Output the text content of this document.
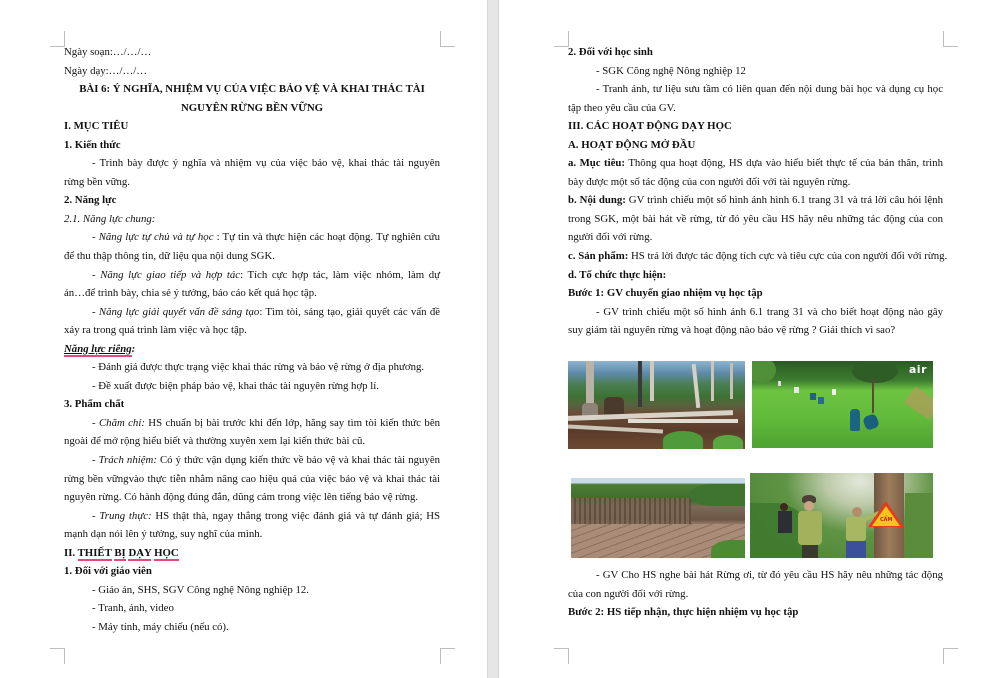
Ngày soạn:…/…/…
Ngày dạy:…/…/…
BÀI 6: Ý NGHĨA, NHIỆM VỤ CỦA VIỆC BẢO VỆ VÀ KHAI THÁC TÀI
NGUYÊN RỪNG BỀN VỮNG
I. MỤC TIÊU
1. Kiến thức
- Trình bày được ý nghĩa và nhiệm vụ của việc bảo vệ, khai thác tài nguyên
rừng bền vững.
2. Năng lực
2.1. Năng lực chung:
- Năng lực tự chủ và tự học : Tự tin và thực hiện các hoạt động. Tự nghiên cứu
để thu thập thông tin, dữ liệu qua nội dung SGK.
- Năng lực giao tiếp và hợp tác: Tích cực hợp tác, làm việc nhóm, làm dự
án…để trình bày, chia sẻ ý tưởng, báo cáo kết quả học tập.
- Năng lực giải quyết vấn đề sáng tạo: Tìm tòi, sáng tạo, giải quyết các vấn đề
xảy ra trong quá trình làm việc và học tập.
Năng lực riêng:
- Đánh giá được thực trạng việc khai thác rừng và bảo vệ rừng ở địa phương.
- Đề xuất được biện pháp bảo vệ, khai thác tài nguyên rừng hợp lí.
3. Phẩm chất
- Chăm chỉ: HS chuẩn bị bài trước khi đến lớp, hăng say tìm tòi kiến thức bên
ngoài để mở rộng hiểu biết và thường xuyên xem lại kiến thức bài cũ.
- Trách nhiệm: Có ý thức vận dụng kiến thức về bảo vệ và khai thác tài nguyên
rừng bền vữngvào thực tiễn nhằm nâng cao hiệu quả của việc bảo vệ và khai thác tài
nguyên rừng. Có hành động đúng đắn, dũng cảm trong việc lên tiếng bảo vệ rừng.
- Trung thực: HS thật thà, ngay thẳng trong việc đánh giá và tự đánh giá; HS
mạnh dạn nói lên ý tưởng, suy nghĩ của mình.
II. THIẾT BỊ DẠY HỌC
1. Đối với giáo viên
- Giáo án, SHS, SGV Công nghệ Nông nghiệp 12.
- Tranh, ảnh, video
- Máy tính, máy chiếu (nếu có).
2. Đối với học sinh
- SGK Công nghệ Nông nghiệp 12
- Tranh ảnh, tư liệu sưu tầm có liên quan đến nội dung bài học và dụng cụ học
tập theo yêu cầu của GV.
III. CÁC HOẠT ĐỘNG DẠY HỌC
A. HOẠT ĐỘNG MỞ ĐẦU
a. Mục tiêu: Thông qua hoạt động, HS dựa vào hiểu biết thực tế của bản thân, trình
bày được một số tác động của con người đối với tài nguyên rừng.
b. Nội dung: GV trình chiếu một số hình ảnh hình 6.1 trang 31 và trả lời câu hỏi lệnh
trong SGK, một bài hát về rừng, từ đó yêu cầu HS hãy nêu những tác động của con
người đối với rừng.
c. Sản phẩm: HS trả lời được tác động tích cực và tiêu cực của con người đối với rừng.
d. Tổ chức thực hiện:
Bước 1: GV chuyển giao nhiệm vụ học tập
- GV trình chiếu một số hình ảnh 6.1 trang 31 và cho biết hoạt động nào gây
suy giảm tài nguyên rừng và hoạt động nào bảo vệ rừng ? Giải thích vì sao?
air
CẤM
- GV Cho HS nghe bài hát Rừng ơi, từ đó yêu cầu HS hãy nêu những tác động
của con người đối với rừng.
Bước 2: HS tiếp nhận, thực hiện nhiệm vụ học tập
